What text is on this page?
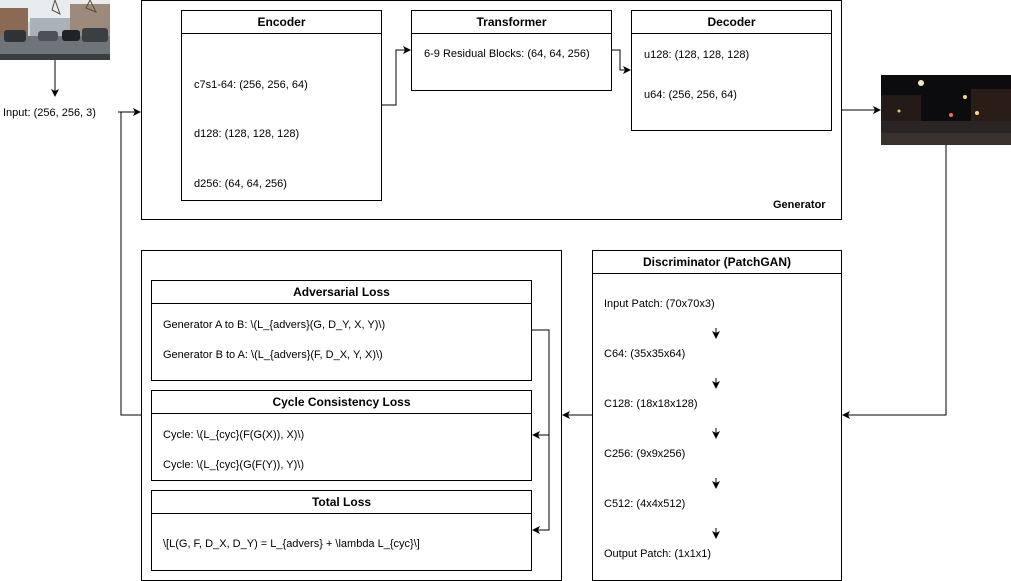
Input: (256, 256, 3)
Generator
Encoder
c7s1-64: (256, 256, 64)
d128: (128, 128, 128)
d256: (64, 64, 256)
Transformer
6-9 Residual Blocks: (64, 64, 256)
Decoder
u128: (128, 128, 128)
u64: (256, 256, 64)
Adversarial Loss
Generator A to B: \(L_{advers}(G, D_Y, X, Y)\)
Generator B to A: \(L_{advers}(F, D_X, Y, X)\)
Cycle Consistency Loss
Cycle: \(L_{cyc}(F(G(X)), X)\)
Cycle: \(L_{cyc}(G(F(Y)), Y)\)
Total Loss
\[L(G, F, D_X, D_Y) = L_{advers} + \lambda L_{cyc}\]
Discriminator (PatchGAN)
Input Patch: (70x70x3)
C64: (35x35x64)
C128: (18x18x128)
C256: (9x9x256)
C512: (4x4x512)
Output Patch: (1x1x1)
